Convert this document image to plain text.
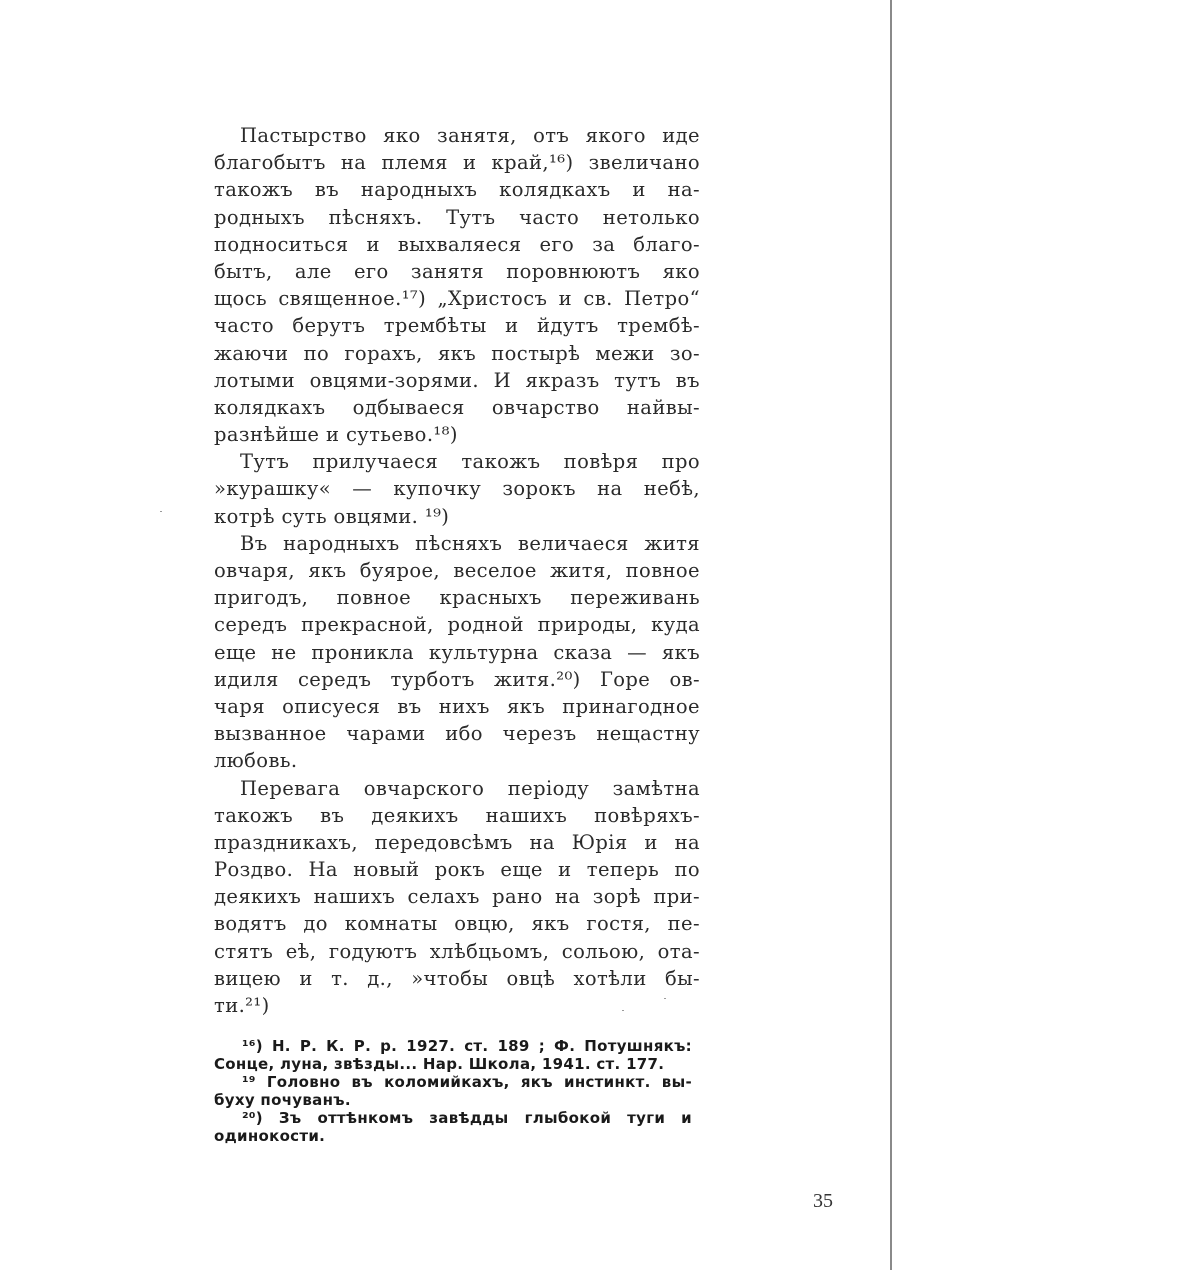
Пастырство яко занятя, отъ якого иде
благобытъ на племя и край,¹⁶) звеличано
такожъ въ народныхъ колядкахъ и на-
родныхъ пѣсняхъ. Тутъ часто нетолько
подноситься и выхваляеся его за благо-
бытъ, але его занятя поровнюютъ яко
щось священное.¹⁷) „Христосъ и св. Петро“
часто берутъ трембѣты и йдутъ трембѣ-
жаючи по горахъ, якъ постырѣ межи зо-
лотыми овцями-зорями. И якразъ тутъ въ
колядкахъ одбываеся овчарство найвы-
разнѣйше и сутьево.¹⁸)
Тутъ прилучаеся такожъ повѣря про
»курашку« — купочку зорокъ на небѣ,
котрѣ суть овцями. ¹⁹)
Въ народныхъ пѣсняхъ величаеся житя
овчаря, якъ буярое, веселое житя, повное
пригодъ, повное красныхъ переживань
середъ прекрасной, родной природы, куда
еще не проникла культурна сказа — якъ
идиля середъ турботъ житя.²⁰) Горе ов-
чаря описуеся въ нихъ якъ принагодное
вызванное чарами ибо черезъ нещастну
любовь.
Перевага овчарского перiоду замѣтна
такожъ въ деякихъ нашихъ повѣряхъ-
праздникахъ, передовсѣмъ на Юрiя и на
Роздво. На новый рокъ еще и теперь по
деякихъ нашихъ селахъ рано на зорѣ при-
водятъ до комнаты овцю, якъ гостя, пе-
стятъ еѣ, годуютъ хлѣбцьомъ, сольою, ота-
вицею и т. д., »чтобы овцѣ хотѣли бы-
ти.²¹)
¹⁶) Н. Р. К. Р. р. 1927. ст. 189 ; Ф. Потушнякъ:
Сонце, луна, звѣзды... Нар. Школа, 1941. ст. 177.
¹⁹ Головно въ коломийкахъ, якъ инстинкт. вы-
буху почуванъ.
²⁰) Зъ оттѣнкомъ завѣдды глыбокой туги и
одинокости.
35
